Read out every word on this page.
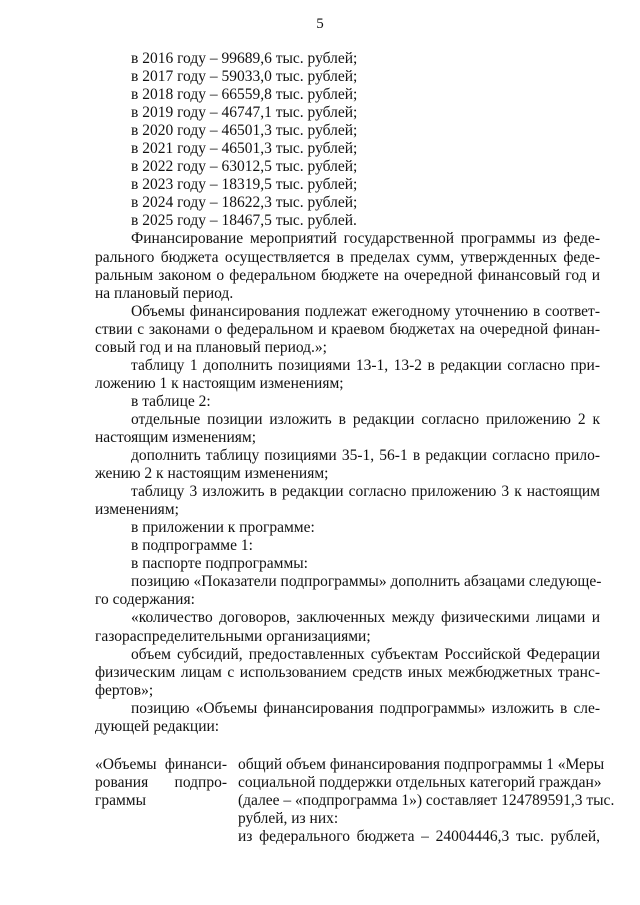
5
в 2016 году – 99689,6 тыс. рублей;
в 2017 году – 59033,0 тыс. рублей;
в 2018 году – 66559,8 тыс. рублей;
в 2019 году – 46747,1 тыс. рублей;
в 2020 году – 46501,3 тыс. рублей;
в 2021 году – 46501,3 тыс. рублей;
в 2022 году – 63012,5 тыс. рублей;
в 2023 году – 18319,5 тыс. рублей;
в 2024 году – 18622,3 тыс. рублей;
в 2025 году – 18467,5 тыс. рублей.
Финансирование мероприятий государственной программы из феде-
рального бюджета осуществляется в пределах сумм, утвержденных феде-
ральным законом о федеральном бюджете на очередной финансовый год и
на плановый период.
Объемы финансирования подлежат ежегодному уточнению в соответ-
ствии с законами о федеральном и краевом бюджетах на очередной финан-
совый год и на плановый период.»;
таблицу 1 дополнить позициями 13-1, 13-2 в редакции согласно при-
ложению 1 к настоящим изменениям;
в таблице 2:
отдельные позиции изложить в редакции согласно приложению 2 к
настоящим изменениям;
дополнить таблицу позициями 35-1, 56-1 в редакции согласно прило-
жению 2 к настоящим изменениям;
таблицу 3 изложить в редакции согласно приложению 3 к настоящим
изменениям;
в приложении к программе:
в подпрограмме 1:
в паспорте подпрограммы:
позицию «Показатели подпрограммы» дополнить абзацами следующе-
го содержания:
«количество договоров, заключенных между физическими лицами и
газораспределительными организациями;
объем субсидий, предоставленных субъектам Российской Федерации
физическим лицам с использованием средств иных межбюджетных транс-
фертов»;
позицию «Объемы финансирования подпрограммы» изложить в сле-
дующей редакции:
«Объемы финанси-
рования подпро-
граммы
общий объем финансирования подпрограммы 1 «Меры
социальной поддержки отдельных категорий граждан»
(далее – «подпрограмма 1») составляет 124789591,3 тыс.
рублей, из них:
из федерального бюджета – 24004446,3 тыс. рублей,
